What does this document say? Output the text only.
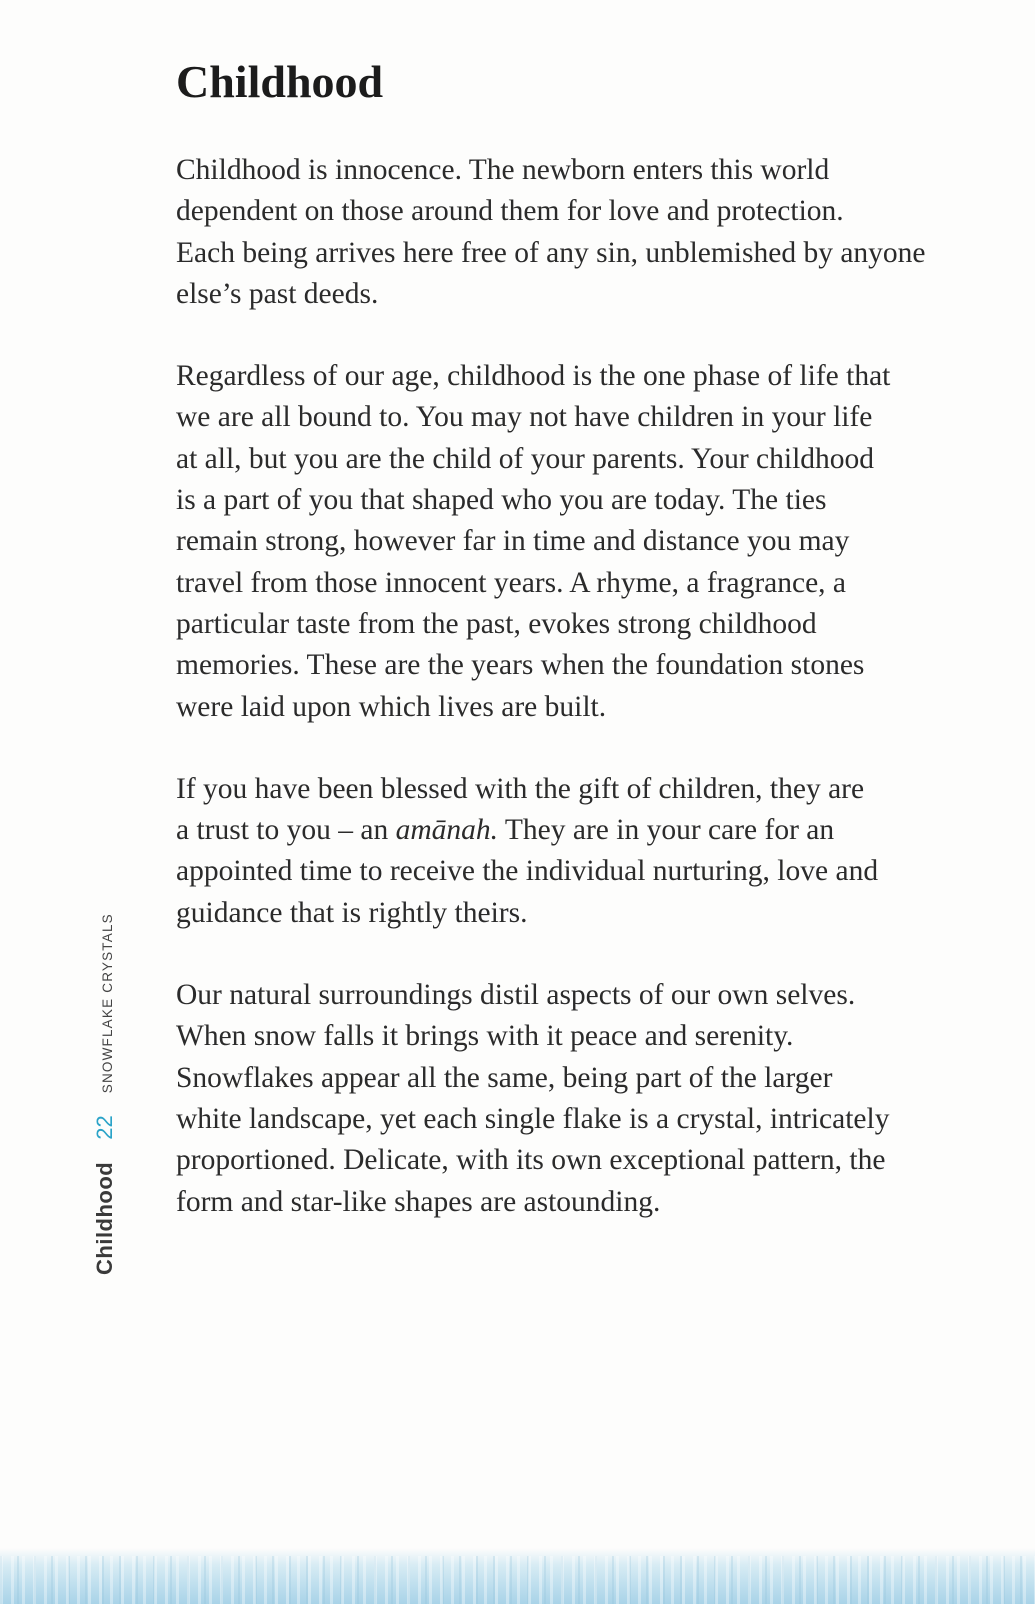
Childhood

Childhood is innocence. The newborn enters this world
dependent on those around them for love and protection.
Each being arrives here free of any sin, unblemished by anyone
else’s past deeds.

Regardless of our age, childhood is the one phase of life that
we are all bound to. You may not have children in your life
at all, but you are the child of your parents. Your childhood
is a part of you that shaped who you are today. The ties
remain strong, however far in time and distance you may
travel from those innocent years. A rhyme, a fragrance, a
particular taste from the past, evokes strong childhood
memories. These are the years when the foundation stones
were laid upon which lives are built.

If you have been blessed with the gift of children, they are
a trust to you – an amānah. They are in your care for an
appointed time to receive the individual nurturing, love and
guidance that is rightly theirs.

Our natural surroundings distil aspects of our own selves.
When snow falls it brings with it peace and serenity.
Snowflakes appear all the same, being part of the larger
white landscape, yet each single flake is a crystal, intricately
proportioned. Delicate, with its own exceptional pattern, the
form and star-like shapes are astounding.

Childhood
22
SNOWFLAKE CRYSTALS
